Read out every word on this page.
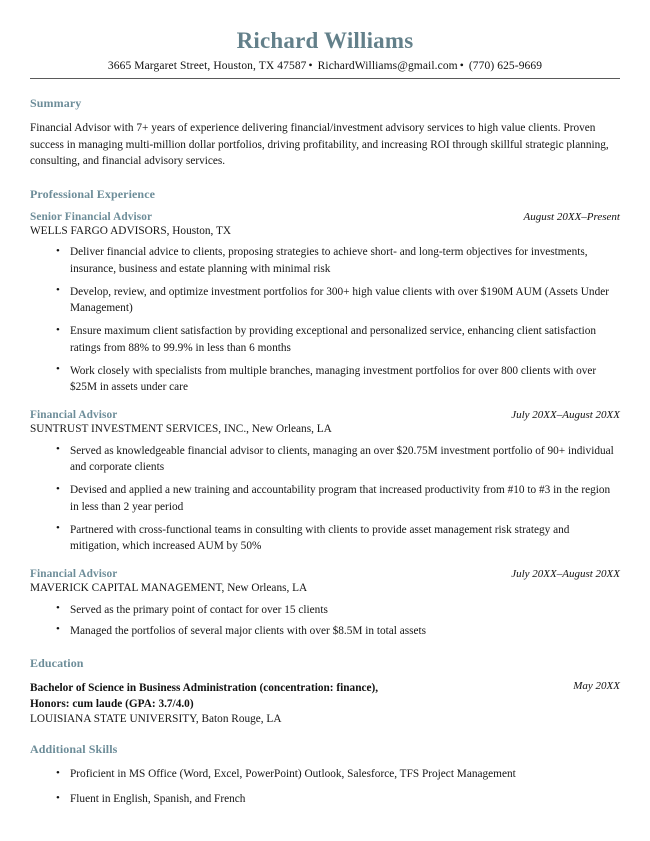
Richard Williams
3665 Margaret Street, Houston, TX 47587 • RichardWilliams@gmail.com • (770) 625-9669
Summary

Financial Advisor with 7+ years of experience delivering financial/investment advisory services to high value clients. Proven success in managing multi-million dollar portfolios, driving profitability, and increasing ROI through skillful strategic planning, consulting, and financial advisory services.

Professional Experience
Senior Financial Advisor	August 20XX–Present
WELLS FARGO ADVISORS, Houston, TX
• Deliver financial advice to clients, proposing strategies to achieve short- and long-term objectives for investments, insurance, business and estate planning with minimal risk
• Develop, review, and optimize investment portfolios for 300+ high value clients with over $190M AUM (Assets Under Management)
• Ensure maximum client satisfaction by providing exceptional and personalized service, enhancing client satisfaction ratings from 88% to 99.9% in less than 6 months
• Work closely with specialists from multiple branches, managing investment portfolios for over 800 clients with over $25M in assets under care
Financial Advisor	July 20XX–August 20XX
SUNTRUST INVESTMENT SERVICES, INC., New Orleans, LA
• Served as knowledgeable financial advisor to clients, managing an over $20.75M investment portfolio of 90+ individual and corporate clients
• Devised and applied a new training and accountability program that increased productivity from #10 to #3 in the region in less than 2 year period
• Partnered with cross-functional teams in consulting with clients to provide asset management risk strategy and mitigation, which increased AUM by 50%
Financial Advisor	July 20XX–August 20XX
MAVERICK CAPITAL MANAGEMENT, New Orleans, LA
• Served as the primary point of contact for over 15 clients
• Managed the portfolios of several major clients with over $8.5M in total assets
Education
Bachelor of Science in Business Administration (concentration: finance),
Honors: cum laude (GPA: 3.7/4.0)
May 20XX
LOUISIANA STATE UNIVERSITY, Baton Rouge, LA
Additional Skills
• Proficient in MS Office (Word, Excel, PowerPoint) Outlook, Salesforce, TFS Project Management
• Fluent in English, Spanish, and French
